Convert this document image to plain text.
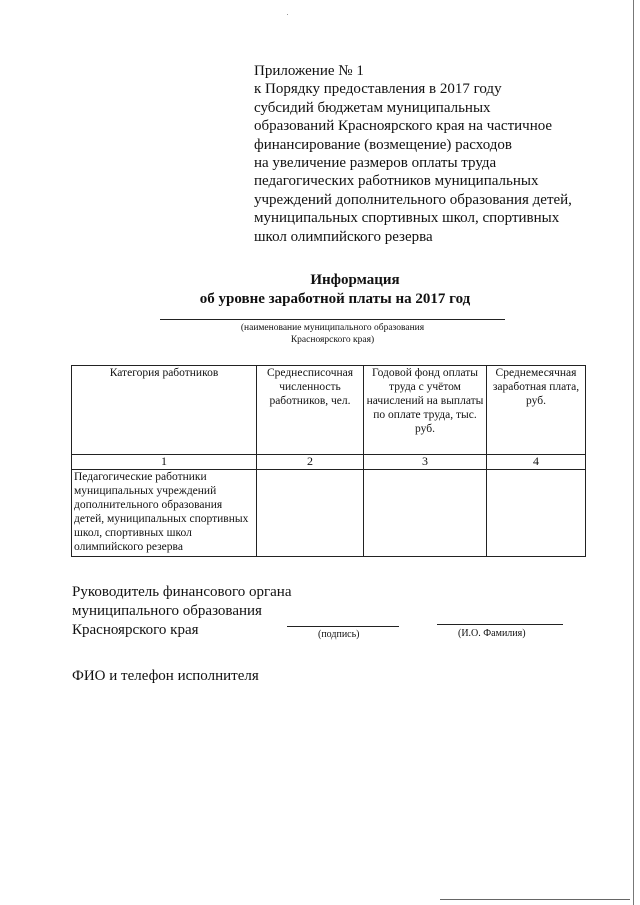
Приложение № 1
к Порядку предоставления в 2017 году
субсидий бюджетам муниципальных
образований Красноярского края на частичное
финансирование (возмещение) расходов
на увеличение размеров оплаты труда
педагогических работников муниципальных
учреждений дополнительного образования детей,
муниципальных спортивных школ, спортивных
школ олимпийского резерва
Информация
об уровне заработной платы на 2017 год
(наименование муниципального образования
Красноярского края)
Категория работников	Среднесписочная численность работников, чел.	Годовой фонд оплаты труда с учётом начислений на выплаты по оплате труда, тыс. руб.	Среднемесячная заработная плата, руб.
1	2	3	4
Педагогические работники муниципальных учреждений дополнительного образования детей, муниципальных спортивных школ, спортивных школ олимпийского резерва			
Руководитель финансового органа
муниципального образования
Красноярского края	(подпись)	(И.О. Фамилия)
ФИО и телефон исполнителя
